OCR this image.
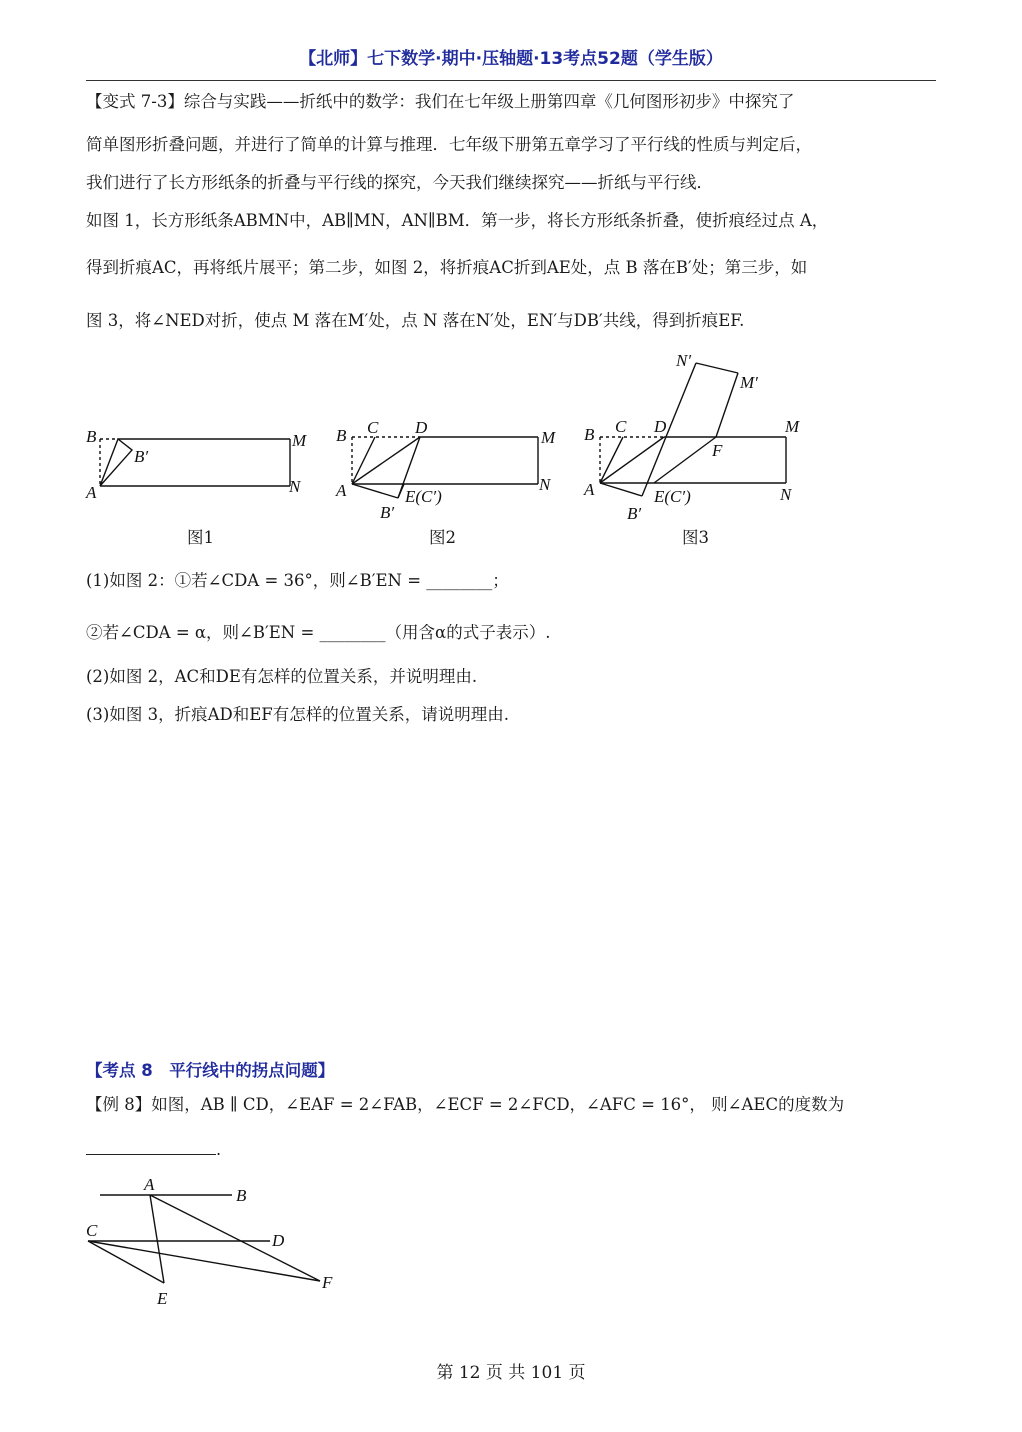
【北师】七下数学·期中·压轴题·13考点52题（学生版）
【变式 7-3】综合与实践——折纸中的数学：我们在七年级上册第四章《几何图形初步》中探究了
简单图形折叠问题，并进行了简单的计算与推理．七年级下册第五章学习了平行线的性质与判定后，
我们进行了长方形纸条的折叠与平行线的探究，今天我们继续探究——折纸与平行线．
如图 1，长方形纸条ABMN中，AB∥MN，AN∥BM．第一步，将长方形纸条折叠，使折痕经过点 A，
得到折痕AC，再将纸片展平；第二步，如图 2，将折痕AC折到AE处，点 B 落在B′处；第三步，如
图 3，将∠NED对折，使点 M 落在M′处，点 N 落在N′处，EN′与DB′共线，得到折痕EF.
B
B′
A
M
N
图1
B C D
M
A	E(C′)
N
B′
图2
N′
M′
B C D	M
F
A	E(C′)	N
B′
图3
(1)如图 2：①若∠CDA = 36°，则∠B′EN = ________；
②若∠CDA = α，则∠B′EN = ________（用含α的式子表示）.
(2)如图 2，AC和DE有怎样的位置关系，并说明理由.
(3)如图 3，折痕AD和EF有怎样的位置关系，请说明理由.
【考点 8　平行线中的拐点问题】
【例 8】如图，AB ∥ CD，∠EAF = 2∠FAB，∠ECF = 2∠FCD，∠AFC = 16°， 则∠AEC的度数为
.
A
B
C
D
E
F
第 12 页 共 101 页
